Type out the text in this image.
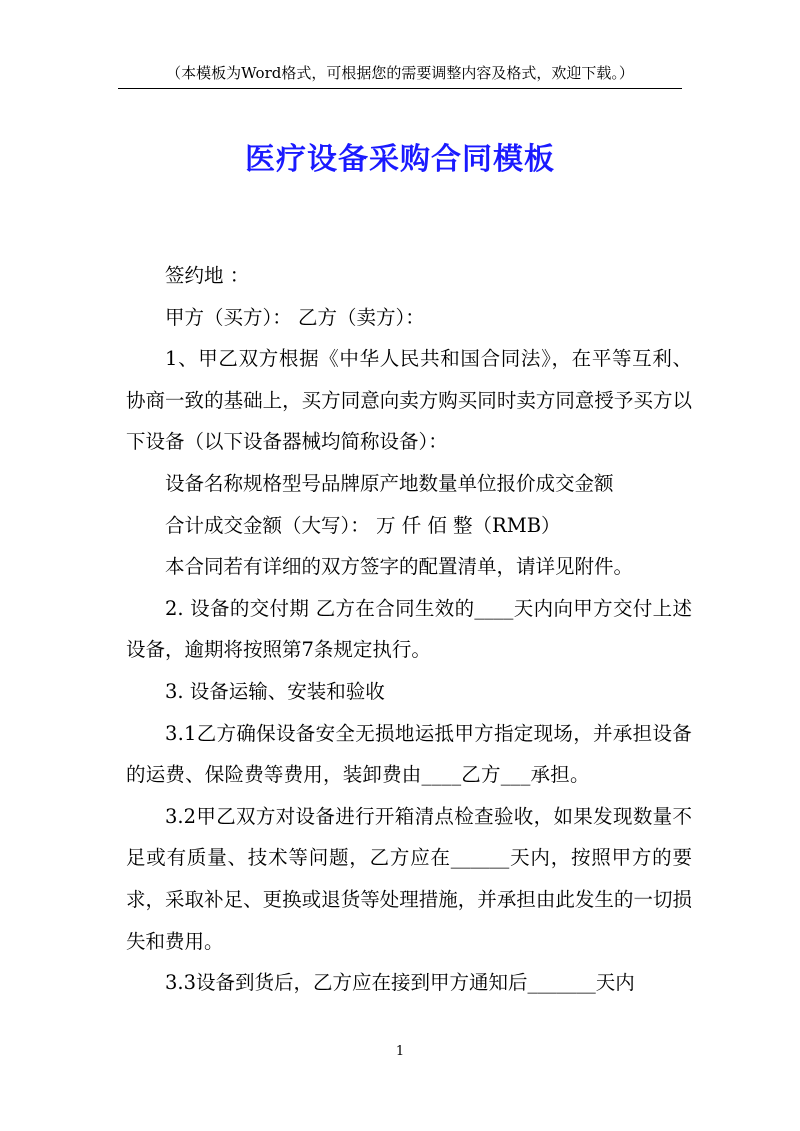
（本模板为Word格式，可根据您的需要调整内容及格式，欢迎下载。）
医疗设备采购合同模板

签约地 ：

甲方（买方）： 乙方（卖方）：

1、甲乙双方根据《中华人民共和国合同法》，在平等互利、协商一致的基础上，买方同意向卖方购买同时卖方同意授予买方以下设备（以下设备器械均简称设备）：

设备名称规格型号品牌原产地数量单位报价成交金额

合计成交金额（大写）： 万 仟 佰 整（RMB）

本合同若有详细的双方签字的配置清单，请详见附件。

2. 设备的交付期 乙方在合同生效的____天内向甲方交付上述设备，逾期将按照第7条规定执行。

3. 设备运输、安装和验收

3.1乙方确保设备安全无损地运抵甲方指定现场，并承担设备的运费、保险费等费用，装卸费由____乙方___承担。

3.2甲乙双方对设备进行开箱清点检查验收，如果发现数量不足或有质量、技术等问题，乙方应在______天内，按照甲方的要求，采取补足、更换或退货等处理措施，并承担由此发生的一切损失和费用。

3.3设备到货后，乙方应在接到甲方通知后_______天内

1
